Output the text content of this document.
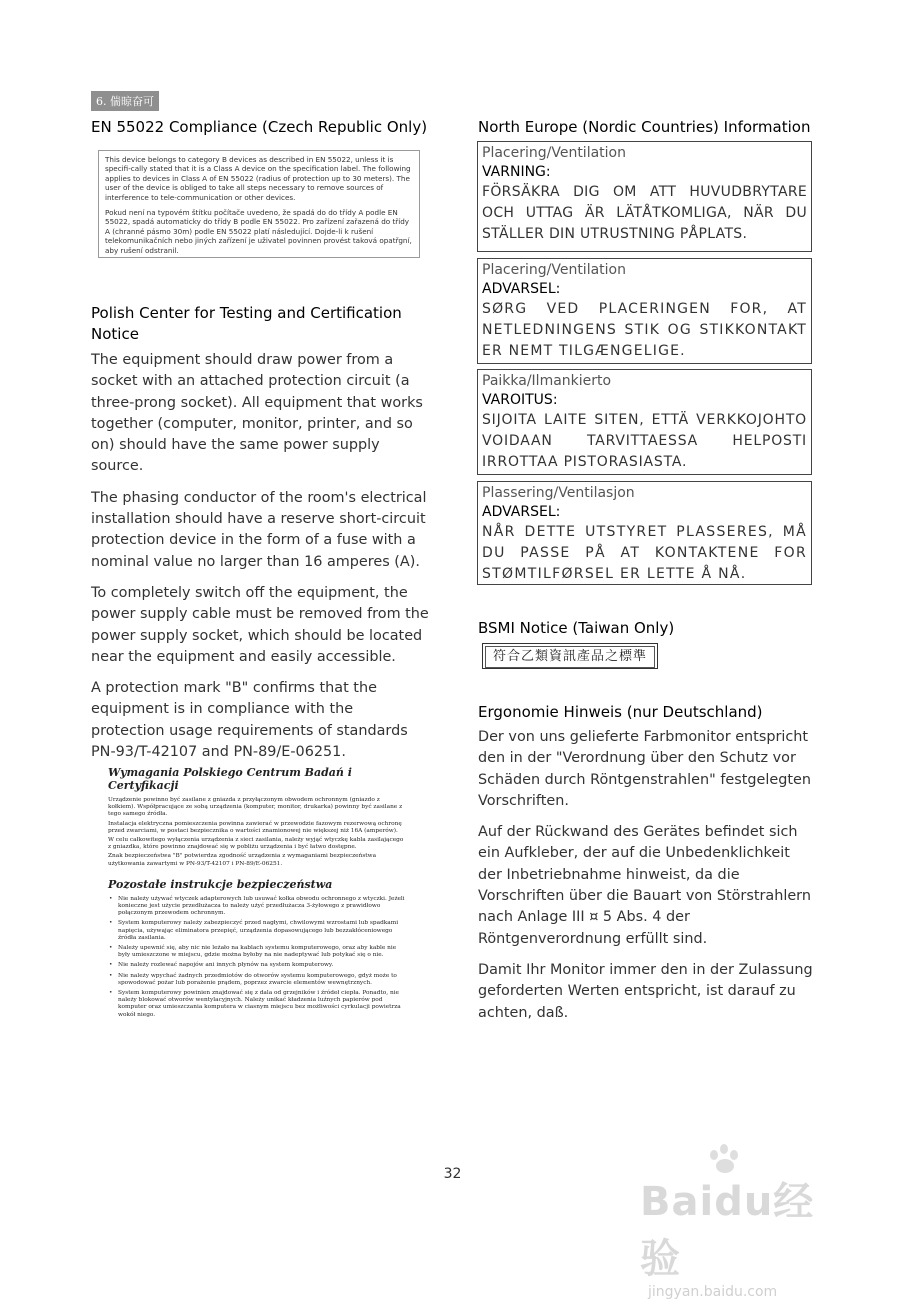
6. 偳晾奋可
EN 55022 Compliance (Czech Republic Only)

This device belongs to category B devices as described in EN 55022, unless it is specifi-cally stated that it is a Class A device on the specification label. The following applies to devices in Class A of EN 55022 (radius of protection up to 30 meters). The user of the device is obliged to take all steps necessary to remove sources of interference to tele-communication or other devices.

Pokud není na typovém štítku počítače uvedeno, že spadá do do třídy A podle EN 55022, spadá automaticky do třídy B podle EN 55022. Pro zařízení zařazená do třídy A (chranné pásmo 30m) podle EN 55022 platí následující. Dojde-li k rušení telekomunikačních nebo jiných zařízení je uživatel povinnen provést taková opatřgní, aby rušení odstranil.

Polish Center for Testing and Certification Notice

The equipment should draw power from a socket with an attached protection circuit (a three-prong socket). All equipment that works together (computer, monitor, printer, and so on) should have the same power supply source.

The phasing conductor of the room's electrical installation should have a reserve short-circuit protection device in the form of a fuse with a nominal value no larger than 16 amperes (A).

To completely switch off the equipment, the power supply cable must be removed from the power supply socket, which should be located near the equipment and easily accessible.

A protection mark "B" confirms that the equipment is in compliance with the protection usage requirements of standards PN-93/T-42107 and PN-89/E-06251.

Wymagania Polskiego Centrum Badań i Certyfikacji
Urządzenie powinno być zasilane z gniazda z przyłączonym obwodem ochronnym (gniazdo z kołkiem). Współpracujące ze sobą urządzenia (komputer, monitor, drukarka) powinny być zasilane z tego samego źródła.
Instalacja elektryczna pomieszczenia powinna zawierać w przewodzie fazowym rezerwową ochronę przed zwarciami, w postaci bezpiecznika o wartości znamionowej nie większej niż 16A (amperów).
W celu całkowitego wyłączenia urządzenia z sieci zasilania, należy wyjąć wtyczkę kabla zasilającego z gniazdka, które powinno znajdować się w pobliżu urządzenia i być łatwo dostępne.
Znak bezpieczeństwa "B" potwierdza zgodność urządzenia z wymaganiami bezpieczeństwa użytkowania zawartymi w PN-93/T-42107 i PN-89/E-06251.
Pozostałe instrukcje bezpieczeństwa
• Nie należy używać wtyczek adapterowych lub usuwać kołka obwodu ochronnego z wtyczki. Jeżeli konieczne jest użycie przedłużacza to należy użyć przedłużacza 3-żyłowego z prawidłowo połączonym przewodem ochronnym.
• System komputerowy należy zabezpieczyć przed nagłymi, chwilowymi wzrostami lub spadkami napięcia, używając eliminatora przepięć, urządzenia dopasowującego lub bezzakłóceniowego źródła zasilania.
• Należy upewnić się, aby nic nie leżało na kablach systemu komputerowego, oraz aby kable nie były umieszczone w miejscu, gdzie można byłoby na nie nadeptywać lub potykać się o nie.
• Nie należy rozlewać napojów ani innych płynów na system komputerowy.
• Nie należy wpychać żadnych przedmiotów do otworów systemu komputerowego, gdyż może to spowodować pożar lub porażenie prądem, poprzez zwarcie elementów wewnętrznych.
• System komputerowy powinien znajdować się z dala od grzejników i źródeł ciepła. Ponadto, nie należy blokować otworów wentylacyjnych. Należy unikać kładzenia luźnych papierów pod komputer oraz umieszczania komputera w ciasnym miejscu bez możliwości cyrkulacji powietrza wokół niego.
North Europe (Nordic Countries) Information
Placering/Ventilation
VARNING:
FÖRSÄKRA DIG OM ATT HUVUDBRYTARE OCH UTTAG ÄR LÄTÅTKOMLIGA, NÄR DU STÄLLER DIN UTRUSTNING PÅPLATS.
Placering/Ventilation
ADVARSEL:
SØRG VED PLACERINGEN FOR, AT NETLEDNINGENS STIK OG STIKKONTAKT ER NEMT TILGÆNGELIGE.
Paikka/Ilmankierto
VAROITUS:
SIJOITA LAITE SITEN, ETTÄ VERKKOJOHTO VOIDAAN TARVITTAESSA HELPOSTI IRROTTAA PISTORASIASTA.
Plassering/Ventilasjon
ADVARSEL:
NÅR DETTE UTSTYRET PLASSERES, MÅ DU PASSE PÅ AT KONTAKTENE FOR STØMTILFØRSEL ER LETTE Å NÅ.
BSMI Notice (Taiwan Only)
符合乙類資訊產品之標準
Ergonomie Hinweis (nur Deutschland)

Der von uns gelieferte Farbmonitor entspricht den in der "Verordnung über den Schutz vor Schäden durch Röntgenstrahlen" festgelegten Vorschriften.

Auf der Rückwand des Gerätes befindet sich ein Aufkleber, der auf die Unbedenklichkeit der Inbetriebnahme hinweist, da die Vorschriften über die Bauart von Störstrahlern nach Anlage III ¤ 5 Abs. 4 der Röntgenverordnung erfüllt sind.

Damit Ihr Monitor immer den in der Zulassung geforderten Werten entspricht, ist darauf zu achten, daß.

32
Baidu经验
jingyan.baidu.com
